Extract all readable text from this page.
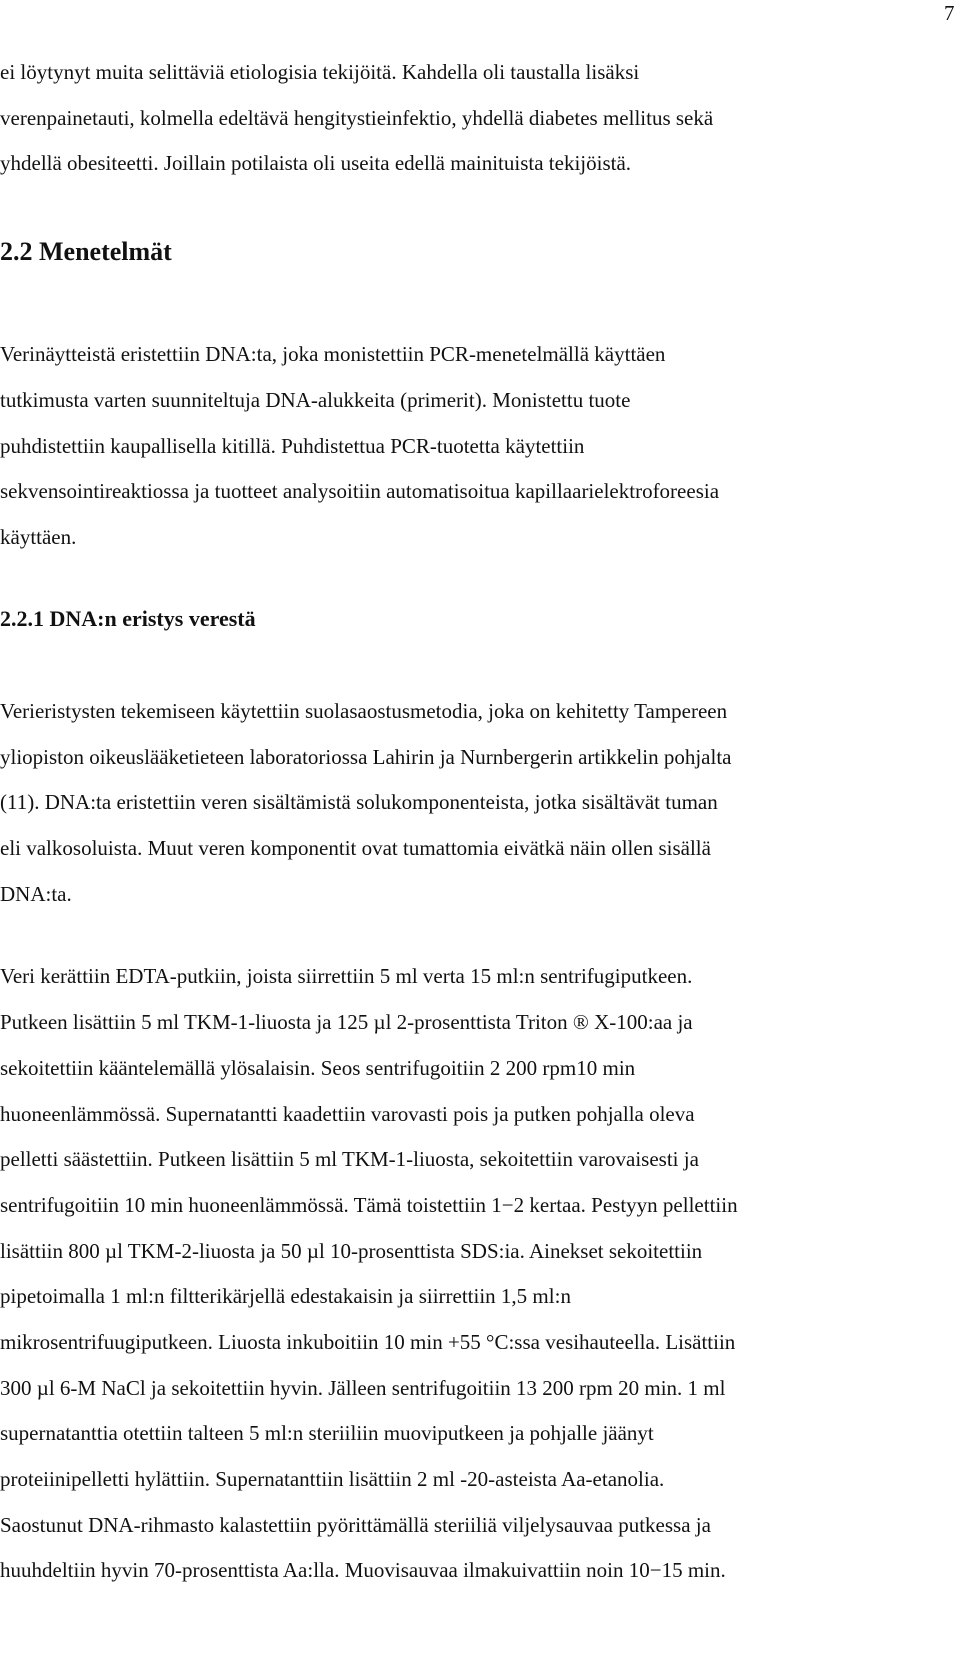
7
ei löytynyt muita selittäviä etiologisia tekijöitä. Kahdella oli taustalla lisäksi
verenpainetauti, kolmella edeltävä hengitystieinfektio, yhdellä diabetes mellitus sekä
yhdellä obesiteetti. Joillain potilaista oli useita edellä mainituista tekijöistä.
2.2 Menetelmät
Verinäytteistä eristettiin DNA:ta, joka monistettiin PCR-menetelmällä käyttäen
tutkimusta varten suunniteltuja DNA-alukkeita (primerit). Monistettu tuote
puhdistettiin kaupallisella kitillä. Puhdistettua PCR-tuotetta käytettiin
sekvensointireaktiossa ja tuotteet analysoitiin automatisoitua kapillaarielektroforeesia
käyttäen.
2.2.1 DNA:n eristys verestä
Verieristysten tekemiseen käytettiin suolasaostusmetodia, joka on kehitetty Tampereen
yliopiston oikeuslääketieteen laboratoriossa Lahirin ja Nurnbergerin artikkelin pohjalta
(11). DNA:ta eristettiin veren sisältämistä solukomponenteista, jotka sisältävät tuman
eli valkosoluista. Muut veren komponentit ovat tumattomia eivätkä näin ollen sisällä
DNA:ta.
Veri kerättiin EDTA-putkiin, joista siirrettiin 5 ml verta 15 ml:n sentrifugiputkeen.
Putkeen lisättiin 5 ml TKM-1-liuosta ja 125 µl 2-prosenttista Triton ® X-100:aa ja
sekoitettiin kääntelemällä ylösalaisin. Seos sentrifugoitiin 2 200 rpm10 min
huoneenlämmössä. Supernatantti kaadettiin varovasti pois ja putken pohjalla oleva
pelletti säästettiin. Putkeen lisättiin 5 ml TKM-1-liuosta, sekoitettiin varovaisesti ja
sentrifugoitiin 10 min huoneenlämmössä. Tämä toistettiin 1−2 kertaa. Pestyyn pellettiin
lisättiin 800 µl TKM-2-liuosta ja 50 µl 10-prosenttista SDS:ia. Ainekset sekoitettiin
pipetoimalla 1 ml:n filtterikärjellä edestakaisin ja siirrettiin 1,5 ml:n
mikrosentrifuugiputkeen. Liuosta inkuboitiin 10 min +55 °C:ssa vesihauteella. Lisättiin
300 µl 6-M NaCl ja sekoitettiin hyvin. Jälleen sentrifugoitiin 13 200 rpm 20 min. 1 ml
supernatanttia otettiin talteen 5 ml:n steriiliin muoviputkeen ja pohjalle jäänyt
proteiinipelletti hylättiin. Supernatanttiin lisättiin 2 ml -20-asteista Aa-etanolia.
Saostunut DNA-rihmasto kalastettiin pyörittämällä steriiliä viljelysauvaa putkessa ja
huuhdeltiin hyvin 70-prosenttista Aa:lla. Muovisauvaa ilmakuivattiin noin 10−15 min.
